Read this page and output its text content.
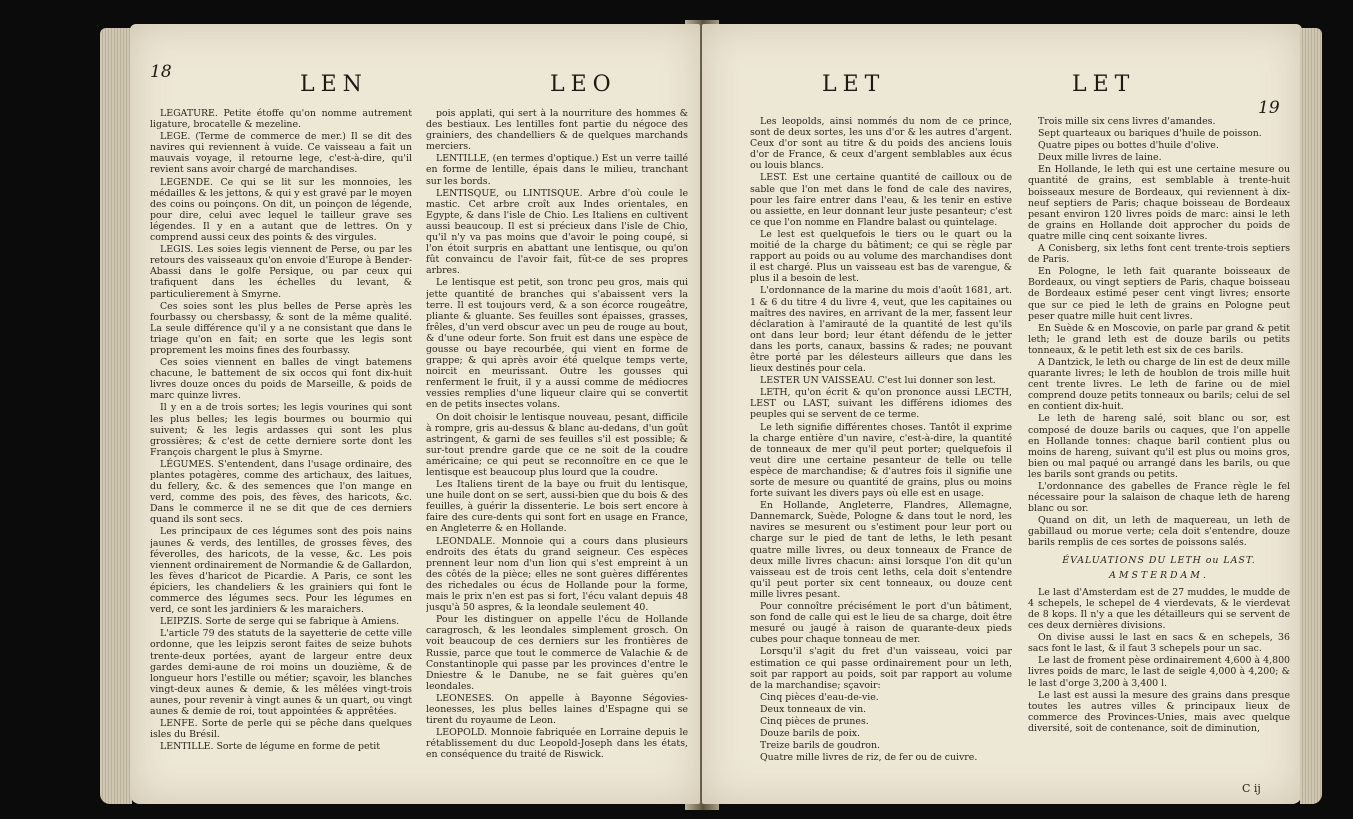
18	LEN	LEO

LEGATURE. Petite étoffe qu'on nomme autrement ligature, brocatelle & mezeline.

LEGE. (Terme de commerce de mer.) Il se dit des navires qui reviennent à vuide. Ce vaisseau a fait un mauvais voyage, il retourne lege, c'est-à-dire, qu'il revient sans avoir chargé de marchandises.

LEGENDE. Ce qui se lit sur les monnoies, les médailles & les jettons, & qui y est gravé par le moyen des coins ou poinçons. On dit, un poinçon de légende, pour dire, celui avec lequel le tailleur grave ses légendes. Il y en a autant que de lettres. On y comprend aussi ceux des points & des virgules.

LEGIS. Les soies legis viennent de Perse, ou par les retours des vaisseaux qu'on envoie d'Europe à Bender-Abassi dans le golfe Persique, ou par ceux qui trafiquent dans les échelles du levant, & particulierement à Smyrne.

Ces soies sont les plus belles de Perse après les fourbassy ou chersbassy, & sont de la même qualité. La seule différence qu'il y a ne consistant que dans le triage qu'on en fait; en sorte que les legis sont proprement les moins fines des fourbassy.

Ces soies viennent en balles de vingt batemens chacune, le battement de six occos qui font dix-huit livres douze onces du poids de Marseille, & poids de marc quinze livres.

Il y en a de trois sortes; les legis vourines qui sont les plus belles; les legis bourmes ou bourmio qui suivent; & les legis ardasses qui sont les plus grossières; & c'est de cette derniere sorte dont les François chargent le plus à Smyrne.

LÉGUMES. S'entendent, dans l'usage ordinaire, des plantes potagères, comme des artichaux, des laitues, du fellery, &c. & des semences que l'on mange en verd, comme des pois, des fèves, des haricots, &c. Dans le commerce il ne se dit que de ces derniers quand ils sont secs.

Les principaux de ces légumes sont des pois nains jaunes & verds, des lentilles, de grosses fèves, des féverolles, des haricots, de la vesse, &c. Les pois viennent ordinairement de Normandie & de Gallardon, les fèves d'haricot de Picardie. A Paris, ce sont les épiciers, les chandeliers & les grainiers qui font le commerce des légumes secs. Pour les légumes en verd, ce sont les jardiniers & les maraichers.

LEIPZIS. Sorte de serge qui se fabrique à Amiens.

L'article 79 des statuts de la sayetterie de cette ville ordonne, que les leipzis seront faites de seize buhots trente-deux portées, ayant de largeur entre deux gardes demi-aune de roi moins un douzième, & de longueur hors l'estille ou métier; sçavoir, les blanches vingt-deux aunes & demie, & les mêlées vingt-trois aunes, pour revenir à vingt aunes & un quart, ou vingt aunes & demie de roi, tout appointées & apprêtées.

LENFE. Sorte de perle qui se pêche dans quelques isles du Brésil.

LENTILLE. Sorte de légume en forme de petit

pois applati, qui sert à la nourriture des hommes & des bestiaux. Les lentilles font partie du négoce des grainiers, des chandelliers & de quelques marchands merciers.

LENTILLE, (en termes d'optique.) Est un verre taillé en forme de lentille, épais dans le milieu, tranchant sur les bords.

LENTISQUE, ou LINTISQUE. Arbre d'où coule le mastic. Cet arbre croît aux Indes orientales, en Egypte, & dans l'isle de Chio. Les Italiens en cultivent aussi beaucoup. Il est si précieux dans l'isle de Chio, qu'il n'y va pas moins que d'avoir le poing coupé, si l'on étoit surpris en abattant une lentisque, ou qu'on fût convaincu de l'avoir fait, fût-ce de ses propres arbres.

Le lentisque est petit, son tronc peu gros, mais qui jette quantité de branches qui s'abaissent vers la terre. Il est toujours verd, & a son écorce rougeâtre, pliante & gluante. Ses feuilles sont épaisses, grasses, frêles, d'un verd obscur avec un peu de rouge au bout, & d'une odeur forte. Son fruit est dans une espèce de gousse ou baye recourbée, qui vient en forme de grappe; & qui après avoir été quelque temps verte, noircit en meurissant. Outre les gousses qui renferment le fruit, il y a aussi comme de médiocres vessies remplies d'une liqueur claire qui se convertit en de petits insectes volans.

On doit choisir le lentisque nouveau, pesant, difficile à rompre, gris au-dessus & blanc au-dedans, d'un goût astringent, & garni de ses feuilles s'il est possible; & sur-tout prendre garde que ce ne soit de la coudre américaine; ce qui peut se reconnoître en ce que le lentisque est beaucoup plus lourd que la coudre.

Les Italiens tirent de la baye ou fruit du lentisque, une huile dont on se sert, aussi-bien que du bois & des feuilles, à guérir la dissenterie. Le bois sert encore à faire des cure-dents qui sont fort en usage en France, en Angleterre & en Hollande.

LEONDALE. Monnoie qui a cours dans plusieurs endroits des états du grand seigneur. Ces espèces prennent leur nom d'un lion qui s'est empreint à un des côtés de la pièce; elles ne sont guères différentes des richedales ou écus de Hollande pour la forme, mais le prix n'en est pas si fort, l'écu valant depuis 48 jusqu'à 50 aspres, & la leondale seulement 40.

Pour les distinguer on appelle l'écu de Hollande caragrosch, & les leondales simplement grosch. On voit beaucoup de ces derniers sur les frontières de Russie, parce que tout le commerce de Valachie & de Constantinople qui passe par les provinces d'entre le Dniestre & le Danube, ne se fait guères qu'en leondales.

LEONESES. On appelle à Bayonne Ségovies-leonesses, les plus belles laines d'Espagne qui se tirent du royaume de Leon.

LEOPOLD. Monnoie fabriquée en Lorraine depuis le rétablissement du duc Leopold-Joseph dans les états, en conséquence du traité de Riswick.

LET	LET
19

Les leopolds, ainsi nommés du nom de ce prince, sont de deux sortes, les uns d'or & les autres d'argent. Ceux d'or sont au titre & du poids des anciens louis d'or de France, & ceux d'argent semblables aux écus ou louis blancs.

LEST. Est une certaine quantité de cailloux ou de sable que l'on met dans le fond de cale des navires, pour les faire entrer dans l'eau, & les tenir en estive ou assiette, en leur donnant leur juste pesanteur; c'est ce que l'on nomme en Flandre balast ou quintelage.

Le lest est quelquefois le tiers ou le quart ou la moitié de la charge du bâtiment; ce qui se règle par rapport au poids ou au volume des marchandises dont il est chargé. Plus un vaisseau est bas de varengue, & plus il a besoin de lest.

L'ordonnance de la marine du mois d'août 1681, art. 1 & 6 du titre 4 du livre 4, veut, que les capitaines ou maîtres des navires, en arrivant de la mer, fassent leur déclaration à l'amirauté de la quantité de lest qu'ils ont dans leur bord; leur étant défendu de le jetter dans les ports, canaux, bassins & rades; ne pouvant être porté par les délesteurs ailleurs que dans les lieux destinés pour cela.

LESTER UN VAISSEAU. C'est lui donner son lest.

LETH, qu'on écrit & qu'on prononce aussi LECTH, LEST ou LAST, suivant les différens idiomes des peuples qui se servent de ce terme.

Le leth signifie différentes choses. Tantôt il exprime la charge entière d'un navire, c'est-à-dire, la quantité de tonneaux de mer qu'il peut porter; quelquefois il veut dire une certaine pesanteur de telle ou telle espèce de marchandise; & d'autres fois il signifie une sorte de mesure ou quantité de grains, plus ou moins forte suivant les divers pays où elle est en usage.

En Hollande, Angleterre, Flandres, Allemagne, Dannemarck, Suède, Pologne & dans tout le nord, les navires se mesurent ou s'estiment pour leur port ou charge sur le pied de tant de leths, le leth pesant quatre mille livres, ou deux tonneaux de France de deux mille livres chacun: ainsi lorsque l'on dit qu'un vaisseau est de trois cent leths, cela doit s'entendre qu'il peut porter six cent tonneaux, ou douze cent mille livres pesant.

Pour connoître précisément le port d'un bâtiment, son fond de calle qui est le lieu de sa charge, doit être mesuré ou jaugé à raison de quarante-deux pieds cubes pour chaque tonneau de mer.

Lorsqu'il s'agit du fret d'un vaisseau, voici par estimation ce qui passe ordinairement pour un leth, soit par rapport au poids, soit par rapport au volume de la marchandise; sçavoir:

Cinq pièces d'eau-de-vie.

Deux tonneaux de vin.

Cinq pièces de prunes.

Douze barils de poix.

Treize barils de goudron.

Quatre mille livres de riz, de fer ou de cuivre.

Trois mille six cens livres d'amandes.

Sept quarteaux ou bariques d'huile de poisson.

Quatre pipes ou bottes d'huile d'olive.

Deux mille livres de laine.

En Hollande, le leth qui est une certaine mesure ou quantité de grains, est semblable à trente-huit boisseaux mesure de Bordeaux, qui reviennent à dix-neuf septiers de Paris; chaque boisseau de Bordeaux pesant environ 120 livres poids de marc: ainsi le leth de grains en Hollande doit approcher du poids de quatre mille cinq cent soixante livres.

A Conisberg, six leths font cent trente-trois septiers de Paris.

En Pologne, le leth fait quarante boisseaux de Bordeaux, ou vingt septiers de Paris, chaque boisseau de Bordeaux estimé peser cent vingt livres; ensorte que sur ce pied le leth de grains en Pologne peut peser quatre mille huit cent livres.

En Suède & en Moscovie, on parle par grand & petit leth; le grand leth est de douze barils ou petits tonneaux, & le petit leth est six de ces barils.

A Dantzick, le leth ou charge de lin est de deux mille quarante livres; le leth de houblon de trois mille huit cent trente livres. Le leth de farine ou de miel comprend douze petits tonneaux ou barils; celui de sel en contient dix-huit.

Le leth de hareng salé, soit blanc ou sor, est composé de douze barils ou caques, que l'on appelle en Hollande tonnes: chaque baril contient plus ou moins de hareng, suivant qu'il est plus ou moins gros, bien ou mal paqué ou arrangé dans les barils, ou que les barils sont grands ou petits.

L'ordonnance des gabelles de France règle le fel nécessaire pour la salaison de chaque leth de hareng blanc ou sor.

Quand on dit, un leth de maquereau, un leth de gabillaud ou morue verte; cela doit s'entendre, douze barils remplis de ces sortes de poissons salés.

ÉVALUATIONS DU LETH ou LAST.

AMSTERDAM.

Le last d'Amsterdam est de 27 muddes, le mudde de 4 schepels, le schepel de 4 vierdevats, & le vierdevat de 8 kops. Il n'y a que les détailleurs qui se servent de ces deux dernières divisions.

On divise aussi le last en sacs & en schepels, 36 sacs font le last, & il faut 3 schepels pour un sac.

Le last de froment pèse ordinairement 4,600 à 4,800 livres poids de marc, le last de seigle 4,000 à 4,200; & le last d'orge 3,200 à 3,400 l.

Le last est aussi la mesure des grains dans presque toutes les autres villes & principaux lieux de commerce des Provinces-Unies, mais avec quelque diversité, soit de contenance, soit de diminution,

C ij
